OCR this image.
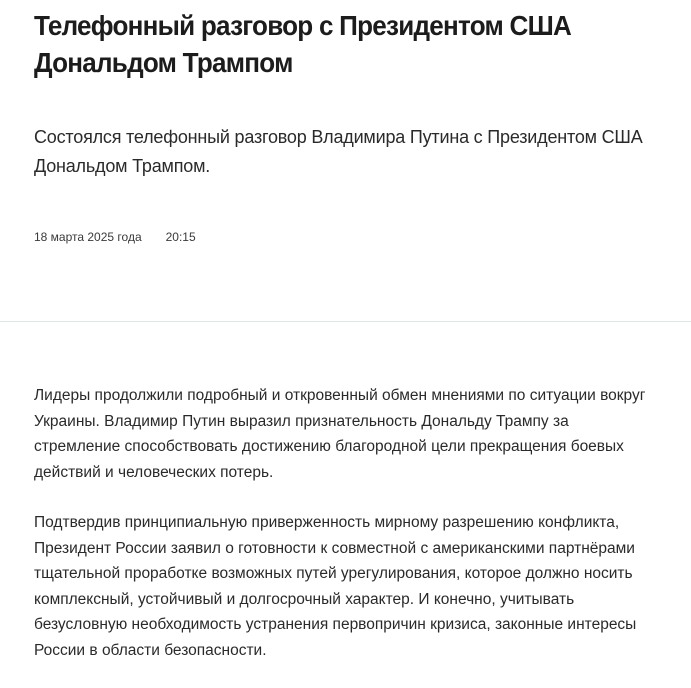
Телефонный разговор с Президентом США Дональдом Трампом

Состоялся телефонный разговор Владимира Путина с Президентом США Дональдом Трампом.

18 марта 2025 года 20:15

Лидеры продолжили подробный и откровенный обмен мнениями по ситуации вокруг Украины. Владимир Путин выразил признательность Дональду Трампу за стремление способствовать достижению благородной цели прекращения боевых действий и человеческих потерь.

Подтвердив принципиальную приверженность мирному разрешению конфликта, Президент России заявил о готовности к совместной с американскими партнёрами тщательной проработке возможных путей урегулирования, которое должно носить комплексный, устойчивый и долгосрочный характер. И конечно, учитывать безусловную необходимость устранения первопричин кризиса, законные интересы России в области безопасности.
